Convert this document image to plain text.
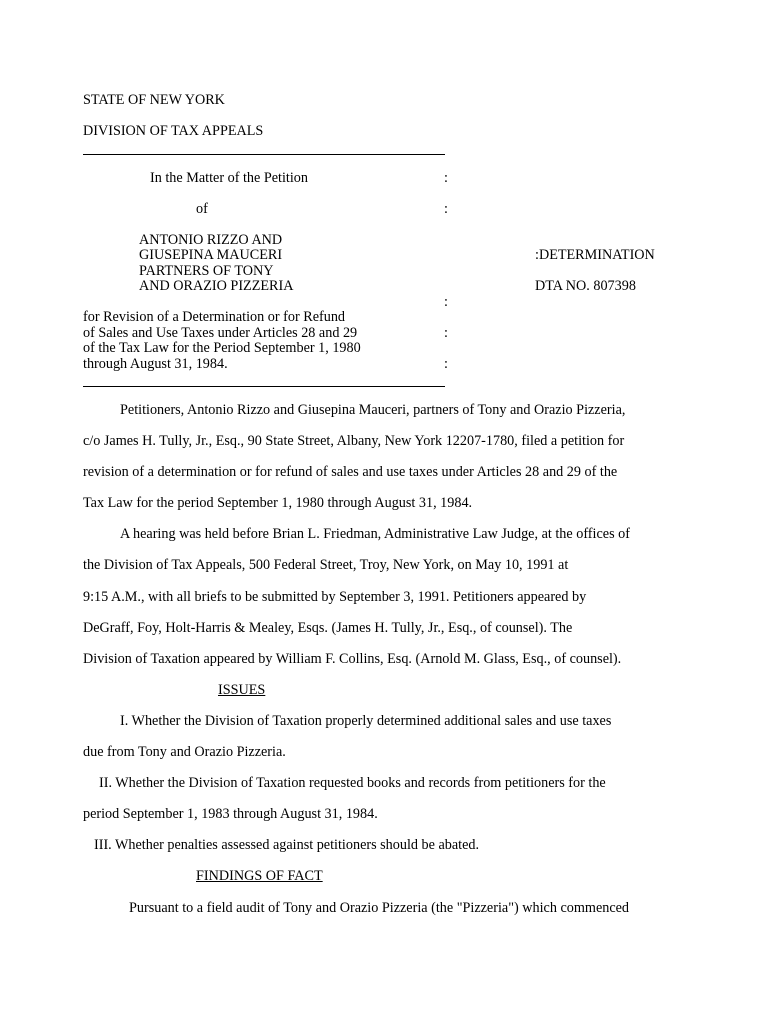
STATE OF NEW YORK
DIVISION OF TAX APPEALS
In the Matter of the Petition
of
ANTONIO RIZZO AND
GIUSEPINA MAUCERI
PARTNERS OF TONY
AND ORAZIO PIZZERIA
for Revision of a Determination or for Refund
of Sales and Use Taxes under Articles 28 and 29
of the Tax Law for the Period September 1, 1980
through August 31, 1984.
:
:
:
:
:
:DETERMINATION
DTA NO. 807398
Petitioners, Antonio Rizzo and Giusepina Mauceri, partners of Tony and Orazio Pizzeria,
c/o James H. Tully, Jr., Esq., 90 State Street, Albany, New York 12207-1780, filed a petition for
revision of a determination or for refund of sales and use taxes under Articles 28 and 29 of the
Tax Law for the period September 1, 1980 through August 31, 1984.
A hearing was held before Brian L. Friedman, Administrative Law Judge, at the offices of
the Division of Tax Appeals, 500 Federal Street, Troy, New York, on May 10, 1991 at
9:15 A.M., with all briefs to be submitted by September 3, 1991. Petitioners appeared by
DeGraff, Foy, Holt-Harris & Mealey, Esqs. (James H. Tully, Jr., Esq., of counsel). The
Division of Taxation appeared by William F. Collins, Esq. (Arnold M. Glass, Esq., of counsel).
ISSUES
I. Whether the Division of Taxation properly determined additional sales and use taxes
due from Tony and Orazio Pizzeria.
II. Whether the Division of Taxation requested books and records from petitioners for the
period September 1, 1983 through August 31, 1984.
III. Whether penalties assessed against petitioners should be abated.
FINDINGS OF FACT
Pursuant to a field audit of Tony and Orazio Pizzeria (the "Pizzeria") which commenced
